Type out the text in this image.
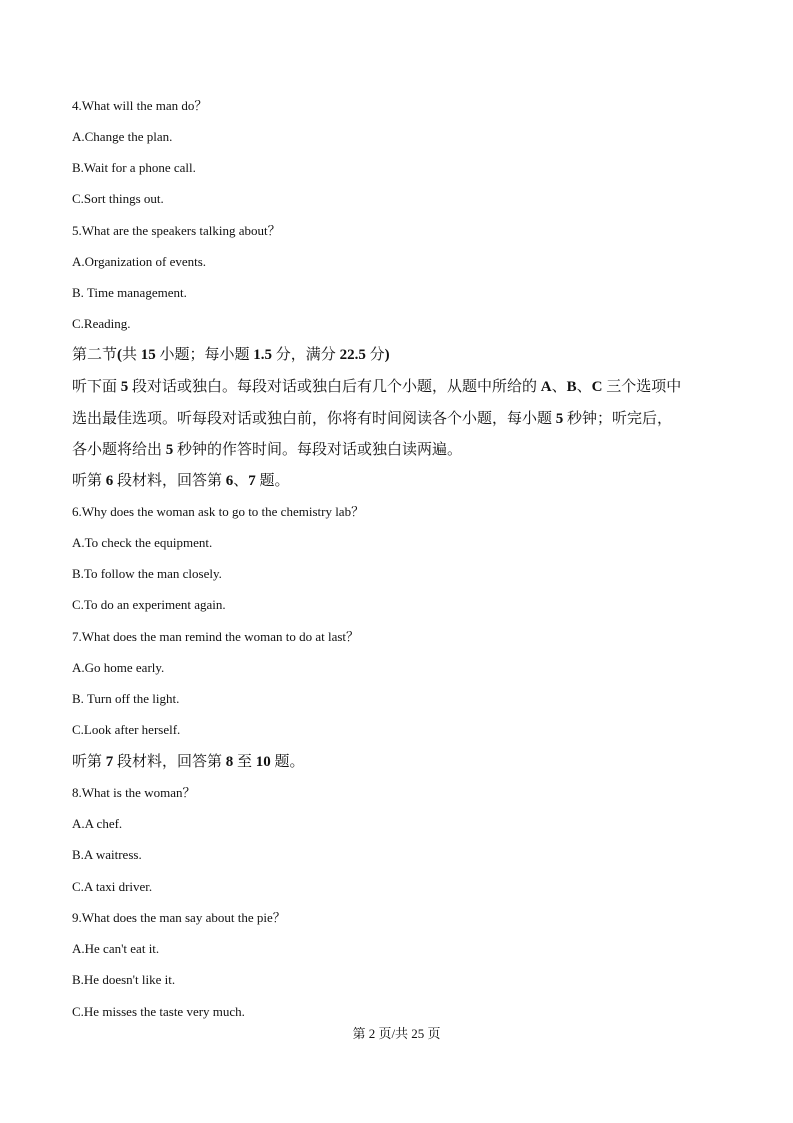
4.What will the man do？
A.Change the plan.
B.Wait for a phone call.
C.Sort things out.
5.What are the speakers talking about？
A.Organization of events.
B. Time management.
C.Reading.
第二节(共 15 小题；每小题 1.5 分，满分 22.5 分)
听下面 5 段对话或独白。每段对话或独白后有几个小题，从题中所给的 A、B、C 三个选项中
选出最佳选项。听每段对话或独白前，你将有时间阅读各个小题，每小题 5 秒钟；听完后，
各小题将给出 5 秒钟的作答时间。每段对话或独白读两遍。
听第 6 段材料，回答第 6、7 题。
6.Why does the woman ask to go to the chemistry lab？
A.To check the equipment.
B.To follow the man closely.
C.To do an experiment again.
7.What does the man remind the woman to do at last？
A.Go home early.
B. Turn off the light.
C.Look after herself.
听第 7 段材料，回答第 8 至 10 题。
8.What is the woman？
A.A chef.
B.A waitress.
C.A taxi driver.
9.What does the man say about the pie？
A.He can't eat it.
B.He doesn't like it.
C.He misses the taste very much.
第 2 页/共 25 页
